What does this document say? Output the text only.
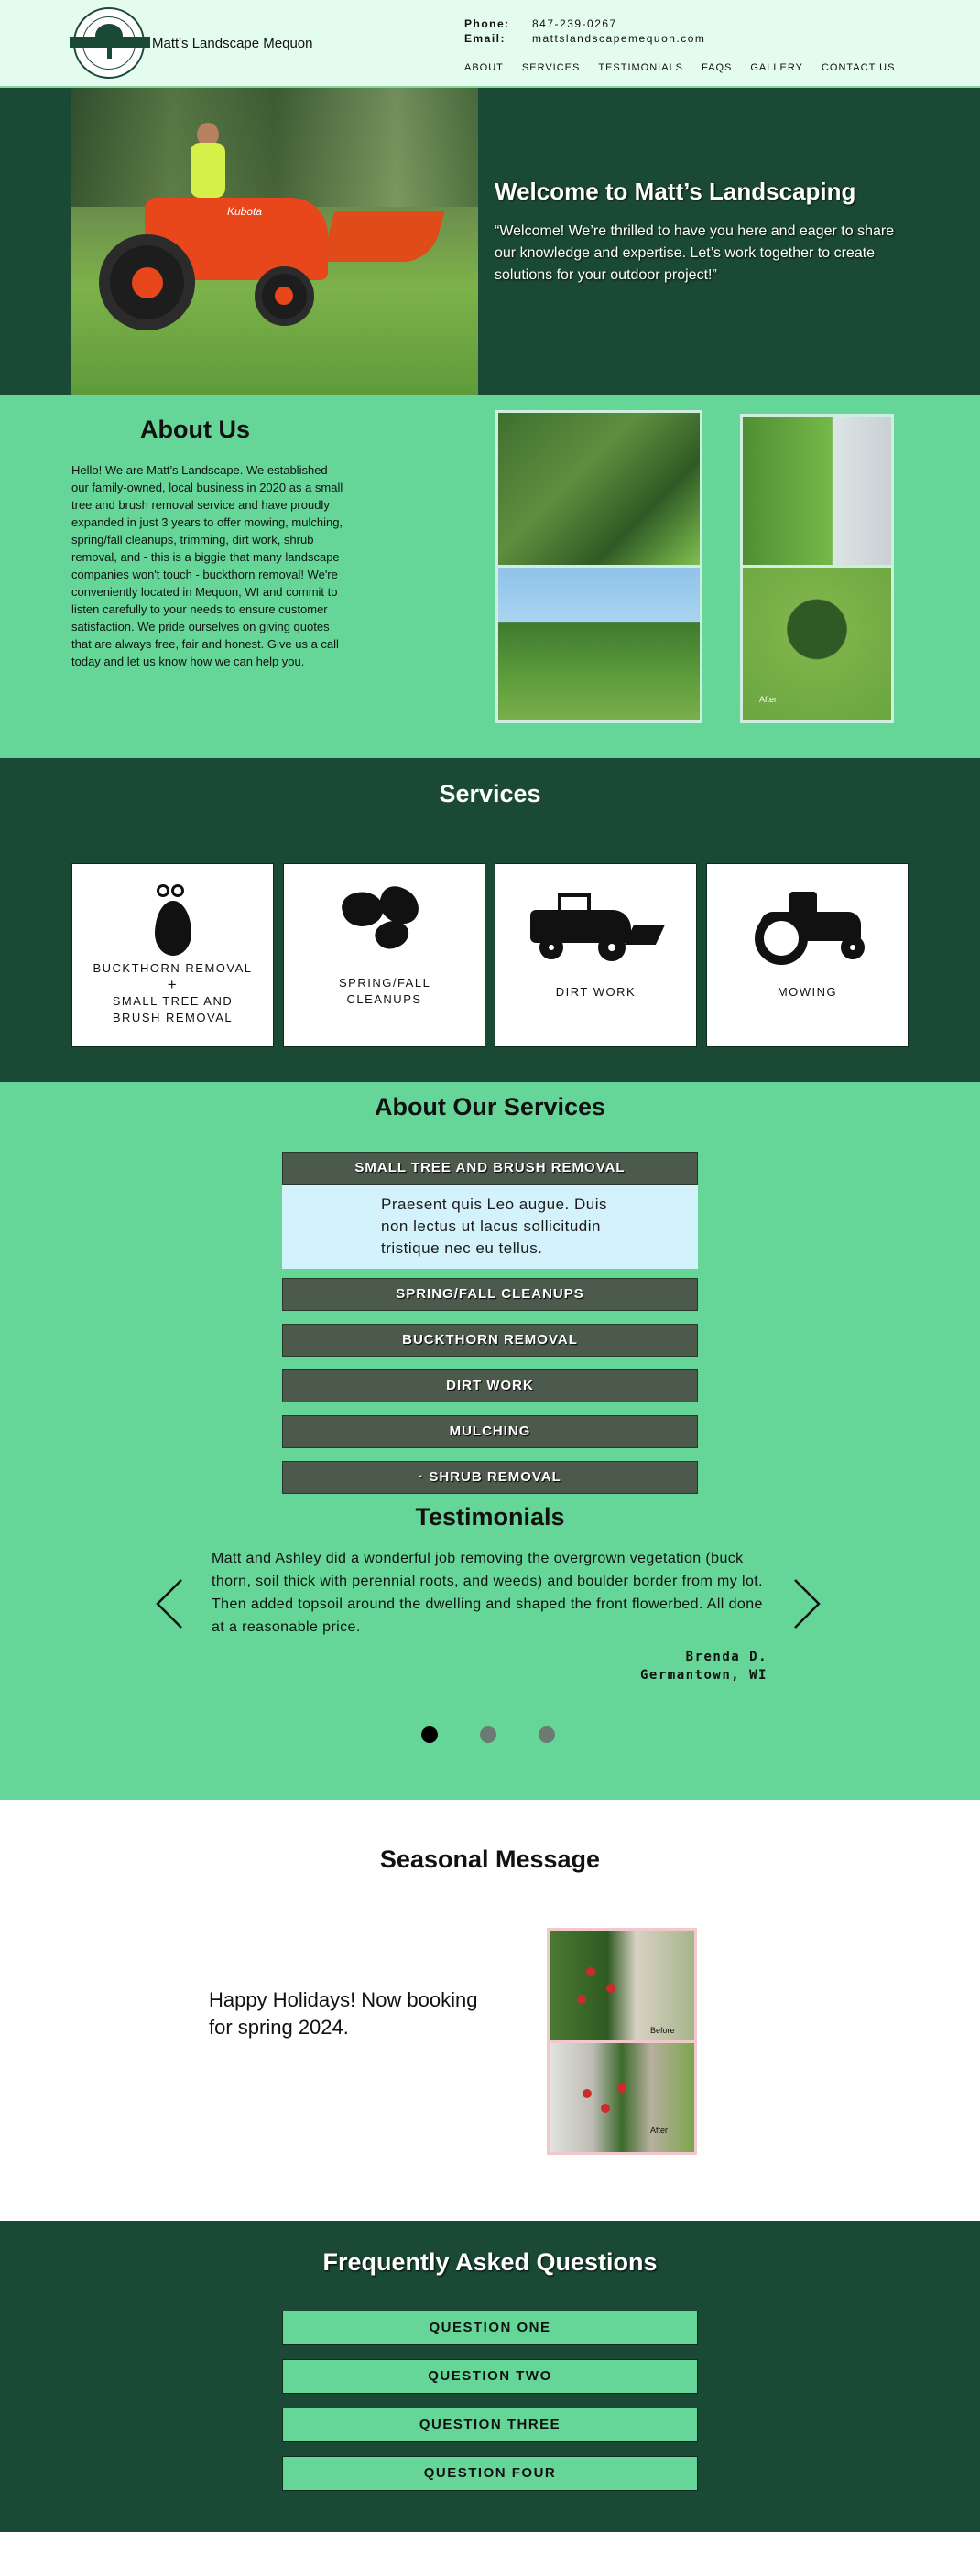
Matt's Landscape Mequon
Phone:	847-239-0267
Email:	mattslandscapemequon.com
ABOUT	SERVICES	TESTIMONIALS	FAQS	GALLERY	CONTACT US
Kubota
Welcome to Matt’s Landscaping

“Welcome! We’re thrilled to have you here and eager to share our knowledge and expertise. Let’s work together to create solutions for your outdoor project!”

About Us

Hello! We are Matt’s Landscape. We established our family-owned, local business in 2020 as a small tree and brush removal service and have proudly expanded in just 3 years to offer mowing, mulching, spring/fall cleanups, trimming, dirt work, shrub removal, and - this is a biggie that many landscape companies won't touch - buckthorn removal! We're conveniently located in Mequon, WI and commit to listen carefully to your needs to ensure customer satisfaction. We pride ourselves on giving quotes that are always free, fair and honest. Give us a call today and let us know how we can help you.

After
Services
BUCKTHORN REMOVAL
+
SMALL TREE AND BRUSH REMOVAL
SPRING/FALL CLEANUPS
DIRT WORK	MOWING
About Our Services
SMALL TREE AND BRUSH REMOVAL
Praesent quis Leo augue. Duis non lectus ut lacus sollicitudin tristique nec eu tellus.
SPRING/FALL CLEANUPS
BUCKTHORN REMOVAL
DIRT WORK
MULCHING
· SHRUB REMOVAL
Testimonials

Matt and Ashley did a wonderful job removing the overgrown vegetation (buck thorn, soil thick with perennial roots, and weeds) and boulder border from my lot. Then added topsoil around the dwelling and shaped the front flowerbed. All done at a reasonable price.

Brenda D.
Germantown, WI
Seasonal Message

Happy Holidays! Now booking for spring 2024.	Before
After
Frequently Asked Questions
QUESTION ONE
QUESTION TWO
QUESTION THREE
QUESTION FOUR
